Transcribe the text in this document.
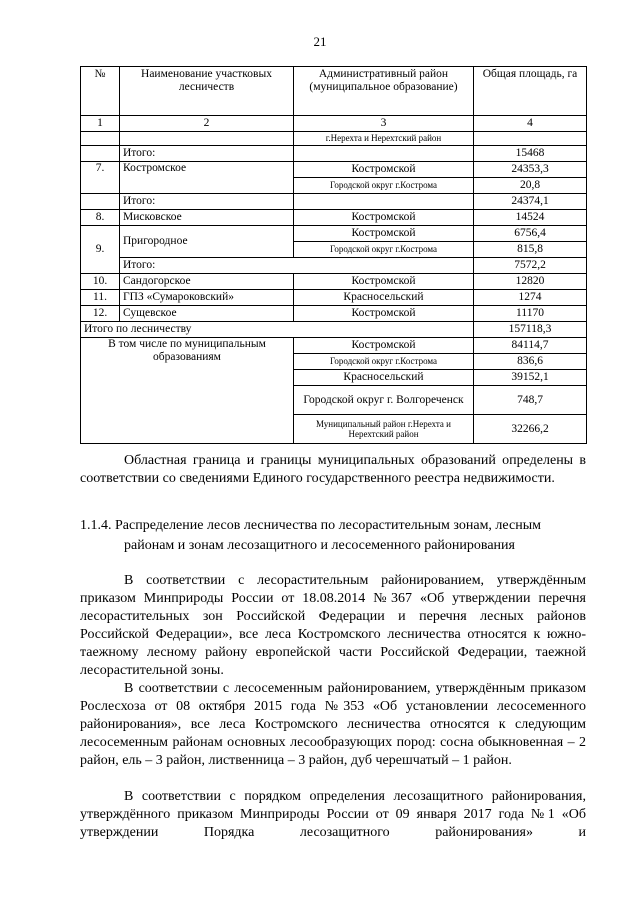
21
№	Наименование участковых лесничеств	Административный район (муниципальное образование)	Общая площадь, га
1	2	3	4
		г.Нерехта и Нерехтский район	
	Итого:		15468
7.	Костромское	Костромской	24353,3
		Городской округ г.Кострома	20,8
	Итого:		24374,1
8.	Мисковское	Костромской	14524
9.	Пригородное	Костромской	6756,4
		Городской округ г.Кострома	815,8
	Итого:		7572,2
10.	Сандогорское	Костромской	12820
11.	ГПЗ «Сумароковский»	Красносельский	1274
12.	Сущевское	Костромской	11170
Итого по лесничеству			157118,3
В том числе по муниципальным образованиям		Костромской	84114,7
		Городской округ г.Кострома	836,6
		Красносельский	39152,1
		Городской округ г. Волгореченск	748,7
		Муниципальный район г.Нерехта и Нерехтский район	32266,2

Областная граница и границы муниципальных образований определены в соответствии со сведениями Единого государственного реестра недвижимости.

1.1.4. Распределение лесов лесничества по лесорастительным зонам, лесным районам и зонам лесозащитного и лесосеменного районирования

В соответствии с лесорастительным районированием, утверждённым приказом Минприроды России от 18.08.2014 №367 «Об утверждении перечня лесорастительных зон Российской Федерации и перечня лесных районов Российской Федерации», все леса Костромского лесничества относятся к южно-таежному лесному району европейской части Российской Федерации, таежной лесорастительной зоны.

В соответствии с лесосеменным районированием, утверждённым приказом Рослесхоза от 08 октября 2015 года №353 «Об установлении лесосеменного районирования», все леса Костромского лесничества относятся к следующим лесосеменным районам основных лесообразующих пород: сосна обыкновенная – 2 район, ель – 3 район, лиственница – 3 район, дуб черешчатый – 1 район.

В соответствии с порядком определения лесозащитного районирования, утверждённого приказом Минприроды России от 09 января 2017 года №1 «Об утверждении Порядка лесозащитного районирования» и
